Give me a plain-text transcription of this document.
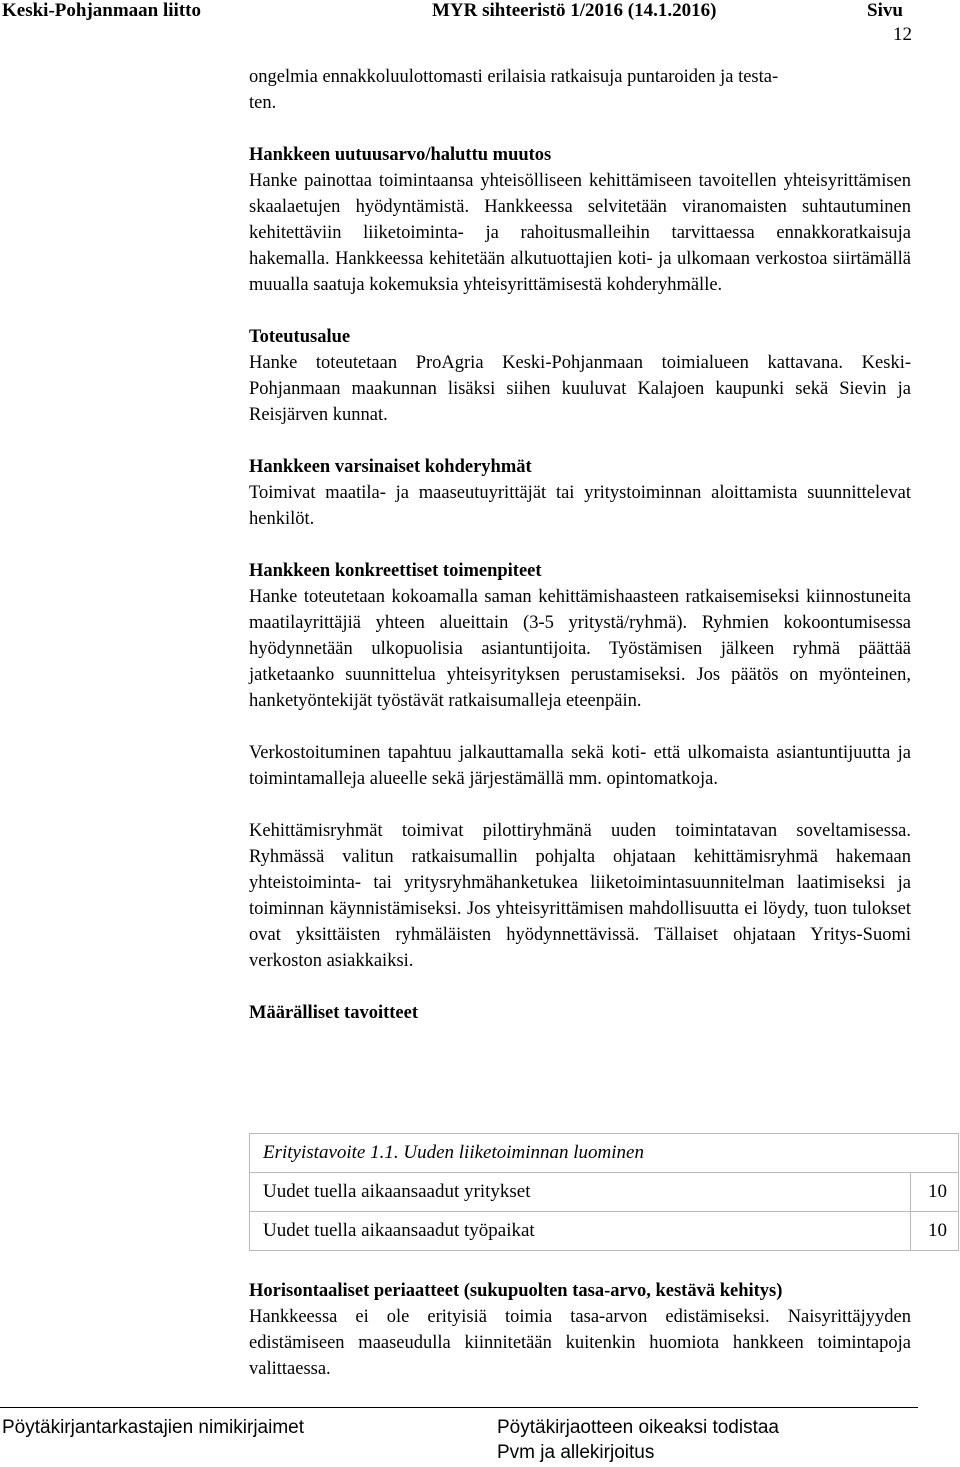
Keski-Pohjanmaan liitto	MYR sihteeristö 1/2016 (14.1.2016)	Sivu
12

ongelmia ennakkoluulottomasti erilaisia ratkaisuja puntaroiden ja testa-

ten.

Hankkeen uutuusarvo/haluttu muutos

Hanke painottaa toimintaansa yhteisölliseen kehittämiseen tavoitellen yhteisyrittämisen skaalaetujen hyödyntämistä. Hankkeessa selvitetään viranomaisten suhtautuminen kehitettäviin liiketoiminta- ja rahoitusmalleihin tarvittaessa ennakkoratkaisuja hakemalla. Hankkeessa kehitetään alkutuottajien koti- ja ulkomaan verkostoa siirtämällä muualla saatuja kokemuksia yhteisyrittämisestä kohderyhmälle.

Toteutusalue

Hanke toteutetaan ProAgria Keski-Pohjanmaan toimialueen kattavana. Keski-Pohjanmaan maakunnan lisäksi siihen kuuluvat Kalajoen kaupunki sekä Sievin ja Reisjärven kunnat.

Hankkeen varsinaiset kohderyhmät

Toimivat maatila- ja maaseutuyrittäjät tai yritystoiminnan aloittamista suunnittelevat henkilöt.

Hankkeen konkreettiset toimenpiteet

Hanke toteutetaan kokoamalla saman kehittämishaasteen ratkaisemiseksi kiinnostuneita maatilayrittäjiä yhteen alueittain (3-5 yritystä/ryhmä). Ryhmien kokoontumisessa hyödynnetään ulkopuolisia asiantuntijoita. Työstämisen jälkeen ryhmä päättää jatketaanko suunnittelua yhteisyrityksen perustamiseksi. Jos päätös on myönteinen, hanketyöntekijät työstävät ratkaisumalleja eteenpäin.

Verkostoituminen tapahtuu jalkauttamalla sekä koti- että ulkomaista asiantuntijuutta ja toimintamalleja alueelle sekä järjestämällä mm. opintomatkoja.

Kehittämisryhmät toimivat pilottiryhmänä uuden toimintatavan soveltamisessa. Ryhmässä valitun ratkaisumallin pohjalta ohjataan kehittämisryhmä hakemaan yhteistoiminta- tai yritysryhmähanketukea liiketoimintasuunnitelman laatimiseksi ja toiminnan käynnistämiseksi. Jos yhteisyrittämisen mahdollisuutta ei löydy, tuon tulokset ovat yksittäisten ryhmäläisten hyödynnettävissä. Tällaiset ohjataan Yritys-Suomi verkoston asiakkaiksi.

Määrälliset tavoitteet

Erityistavoite 1.1. Uuden liiketoiminnan luominen	
Uudet tuella aikaansaadut yritykset	10
Uudet tuella aikaansaadut työpaikat	10

Horisontaaliset periaatteet (sukupuolten tasa-arvo, kestävä kehitys)

Hankkeessa ei ole erityisiä toimia tasa-arvon edistämiseksi. Naisyrittäjyyden edistämiseen maaseudulla kiinnitetään kuitenkin huomiota hankkeen toimintapoja valittaessa.

Pöytäkirjantarkastajien nimikirjaimet	Pöytäkirjaotteen oikeaksi todistaa
Pvm ja allekirjoitus
